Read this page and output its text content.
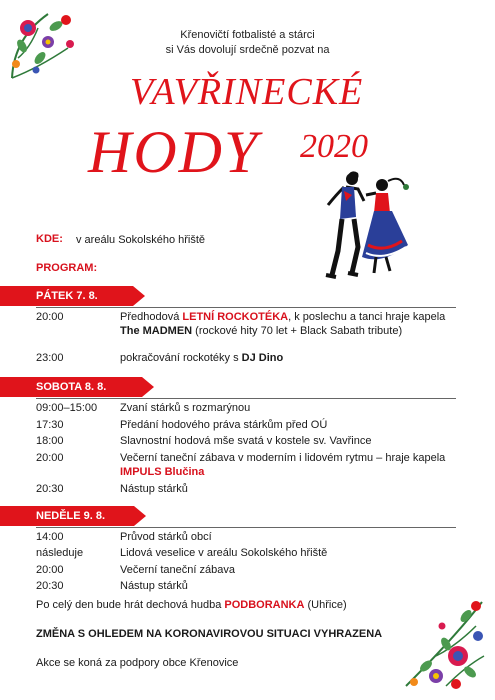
Křenovičtí fotbalisté a stárci
si Vás dovolují srdečně pozvat na
VAVŘINECKÉ
HODY 2020
KDE: v areálu Sokolského hřiště
PROGRAM:
PÁTEK 7. 8.
20:00	Předhodová LETNÍ ROCKOTÉKA, k poslechu a tanci hraje kapela The MADMEN (rockové hity 70 let + Black Sabath tribute)
23:00	pokračování rockotéky s DJ Dino
SOBOTA 8. 8.
09:00–15:00 Zvaní stárků s rozmarýnou
17:30	Předání hodového práva stárkům před OÚ
18:00	Slavnostní hodová mše svatá v kostele sv. Vavřince
20:00	Večerní taneční zábava v moderním i lidovém rytmu – hraje kapela IMPULS Blučina
20:30	Nástup stárků
NEDĚLE 9. 8.
14:00	Průvod stárků obcí
následuje	Lidová veselice v areálu Sokolského hřiště
20:00	Večerní taneční zábava
20:30	Nástup stárků
Po celý den bude hrát dechová hudba PODBORANKA (Uhřice)
ZMĚNA S OHLEDEM NA KORONAVIROVOU SITUACI VYHRAZENA
Akce se koná za podpory obce Křenovice
